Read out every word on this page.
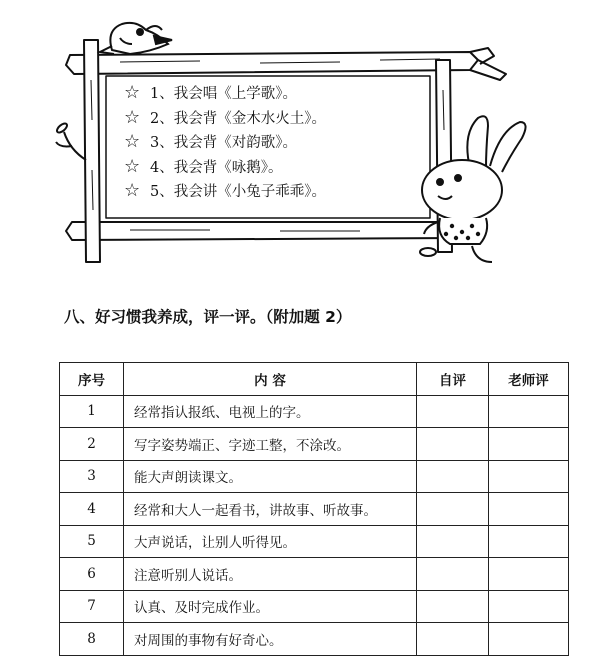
☆ 1、我会唱《上学歌》。
☆ 2、我会背《金木水火土》。
☆ 3、我会背《对韵歌》。
☆ 4、我会背《咏鹅》。
☆ 5、我会讲《小兔子乖乖》。
八、好习惯我养成，评一评。（附加题 2）
序号	内 容	自评	老师评
1	经常指认报纸、电视上的字。		
2	写字姿势端正、字迹工整，不涂改。		
3	能大声朗读课文。		
4	经常和大人一起看书，讲故事、听故事。		
5	大声说话，让别人听得见。		
6	注意听别人说话。		
7	认真、及时完成作业。		
8	对周围的事物有好奇心。		
